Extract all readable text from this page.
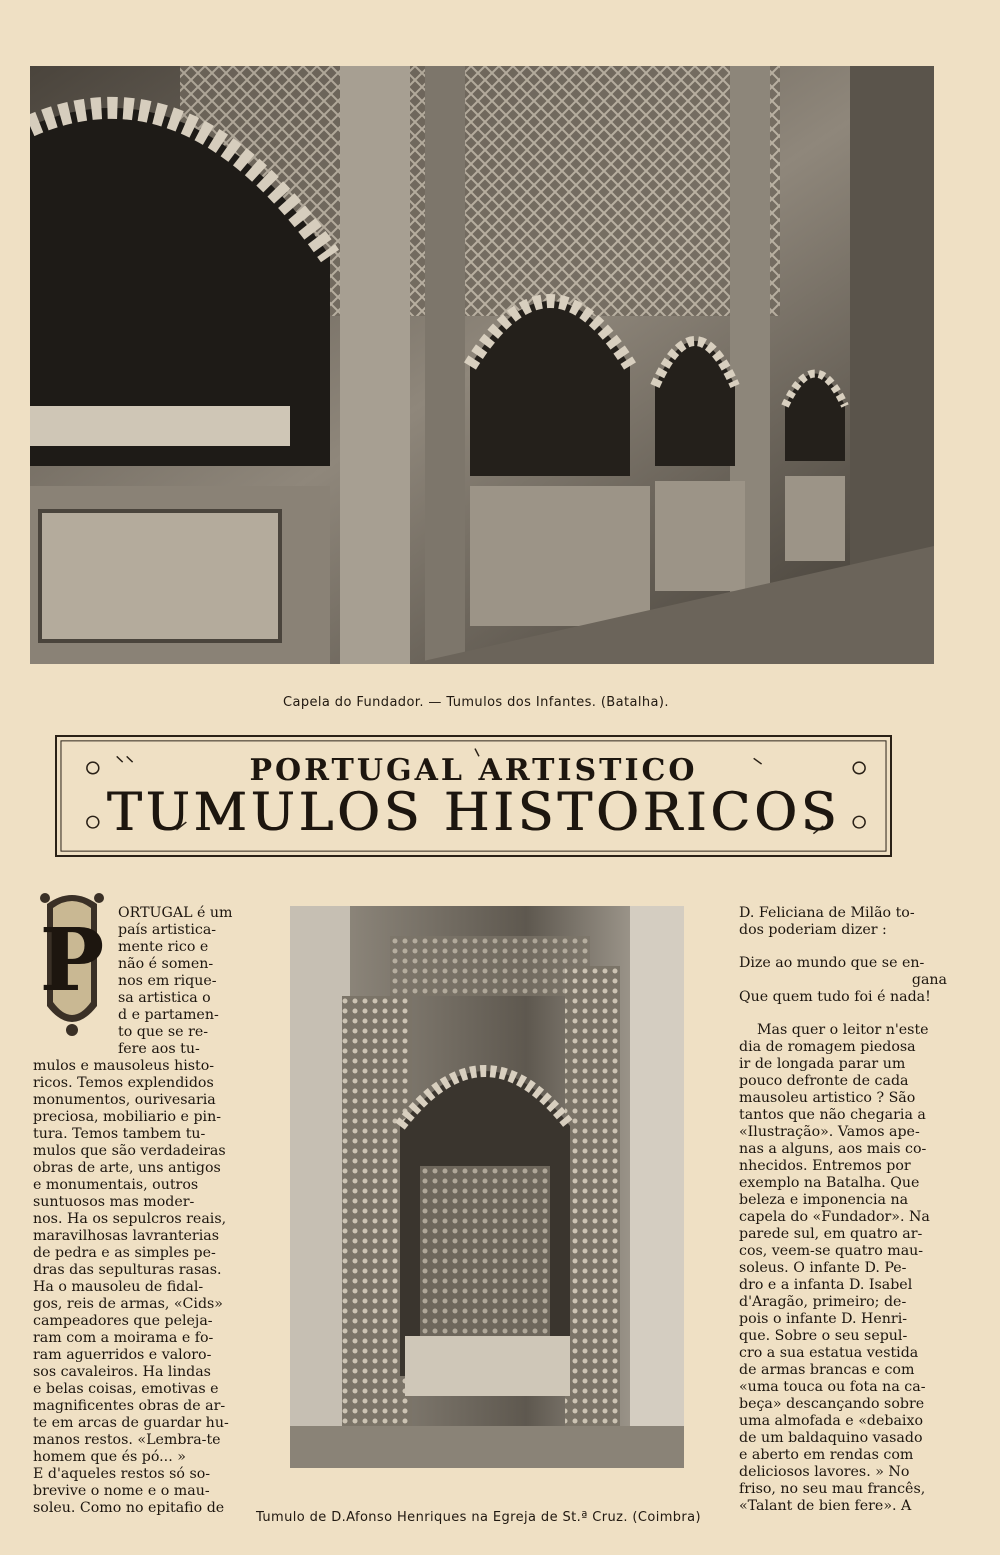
Capela do Fundador. — Tumulos dos Infantes. (Batalha).
PORTUGAL ARTISTICO
TUMULOS HISTORICOS
P ORTUGAL é um
país artistica-
mente rico e
não é somen-
nos em rique-
sa artistica o
d e partamen-
to que se re-
fere aos tu-
mulos e mausoleus histo-
ricos. Temos explendidos
monumentos, ourivesaria
preciosa, mobiliario e pin-
tura. Temos tambem tu-
mulos que são verdadeiras
obras de arte, uns antigos
e monumentais, outros
suntuosos mas moder-
nos. Ha os sepulcros reais,
maravilhosas lavranterias
de pedra e as simples pe-
dras das sepulturas rasas.
Ha o mausoleu de fidal-
gos, reis de armas, «Cids»
campeadores que peleja-
ram com a moirama e fo-
ram aguerridos e valoro-
sos cavaleiros. Ha lindas
e belas coisas, emotivas e
magnificentes obras de ar-
te em arcas de guardar hu-
manos restos. «Lembra-te
homem que és pó... »
E d'aqueles restos só so-
brevive o nome e o mau-
soleu. Como no epitafio de
Tumulo de D.Afonso Henriques na Egreja de St.ª Cruz. (Coimbra)
D. Feliciana de Milão to-
dos poderiam dizer :
Dize ao mundo que se en-
gana
Que quem tudo foi é nada!
Mas quer o leitor n'este
dia de romagem piedosa
ir de longada parar um
pouco defronte de cada
mausoleu artistico ? São
tantos que não chegaria a
«Ilustração». Vamos ape-
nas a alguns, aos mais co-
nhecidos. Entremos por
exemplo na Batalha. Que
beleza e imponencia na
capela do «Fundador». Na
parede sul, em quatro ar-
cos, veem-se quatro mau-
soleus. O infante D. Pe-
dro e a infanta D. Isabel
d'Aragão, primeiro; de-
pois o infante D. Henri-
que. Sobre o seu sepul-
cro a sua estatua vestida
de armas brancas e com
«uma touca ou fota na ca-
beça» descançando sobre
uma almofada e «debaixo
de um baldaquino vasado
e aberto em rendas com
deliciosos lavores. » No
friso, no seu mau francês,
«Talant de bien fere». A
